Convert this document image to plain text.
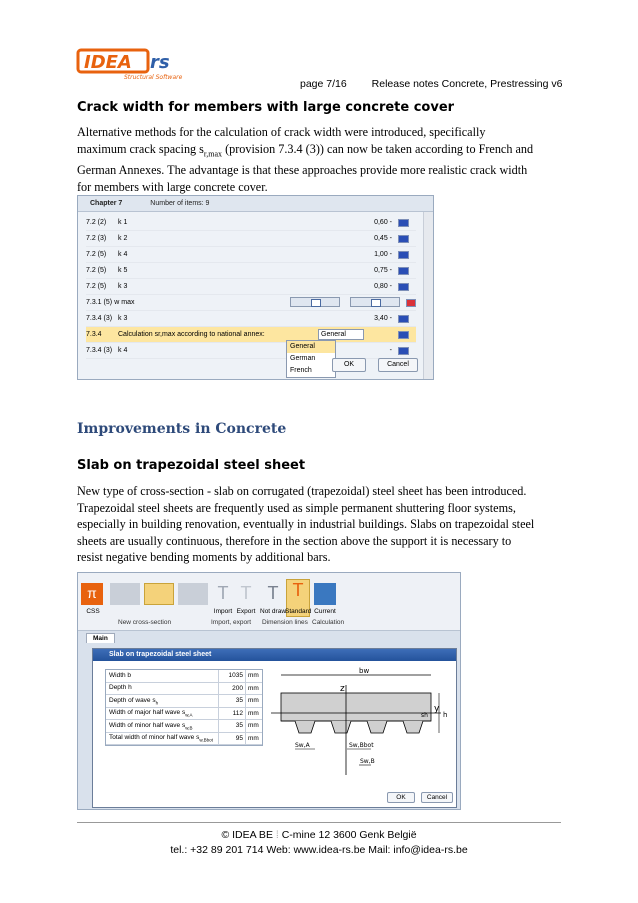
IDEA rs
Structural Software
page 7/16 Release notes Concrete, Prestressing v6
Crack width for members with large concrete cover
Alternative methods for the calculation of crack width were introduced, specifically
maximum crack spacing $s_{r,max}$ (provision 7.3.4 (3)) can now be taken according to French and
German Annexes. The advantage is that these approaches provide more realistic crack width
for members with large concrete cover.
Chapter 7	Number of items: 9
7.2 (2)	k 1	0,60 -
7.2 (3)	k 2	0,45 -
7.2 (5)	k 4	1,00 -
7.2 (5)	k 5	0,75 -
7.2 (5)	k 3	0,80 -
7.3.1 (5) w max

7.3.4 (3) k 3	3,40 -
7.3.4	Calculation sr,max according to national annex:	General
7.3.4 (3) k 4	-
General
German
French
OK	Cancel
Improvements in Concrete
Slab on trapezoidal steel sheet
New type of cross-section - slab on corrugated (trapezoidal) steel sheet has been introduced.
Trapezoidal steel sheets are frequently used as simple permanent shuttering floor systems,
especially in building renovation, eventually in industrial buildings. Slabs on trapezoidal steel
sheets are usually continuous, therefore in the section above the support it is necessary to
resist negative bending moments by additional bars.
π
CSS
New cross-section
T
Import
T
Export
Import, export
T
Not draw
T
Standard Current
Dimension lines Calculation
Main
Slab on trapezoidal steel sheet
Width b	1035 mm
Depth h	200 mm
Depth of wave $s_h$	35 mm
Width of major half wave $s_{w,A}$	112 mm
Width of minor half wave $s_{w,B}$	35 mm
Total width of minor half wave $s_{w,Bbot}$	95 mm
bw
z
y
h
sh
Sw,A	Sw,Bbot
Sw,B
OK	Cancel
© IDEA BE ⁞ C-mine 12 3600 Genk België
tel.: +32 89 201 714 Web: www.idea-rs.be Mail: info@idea-rs.be
